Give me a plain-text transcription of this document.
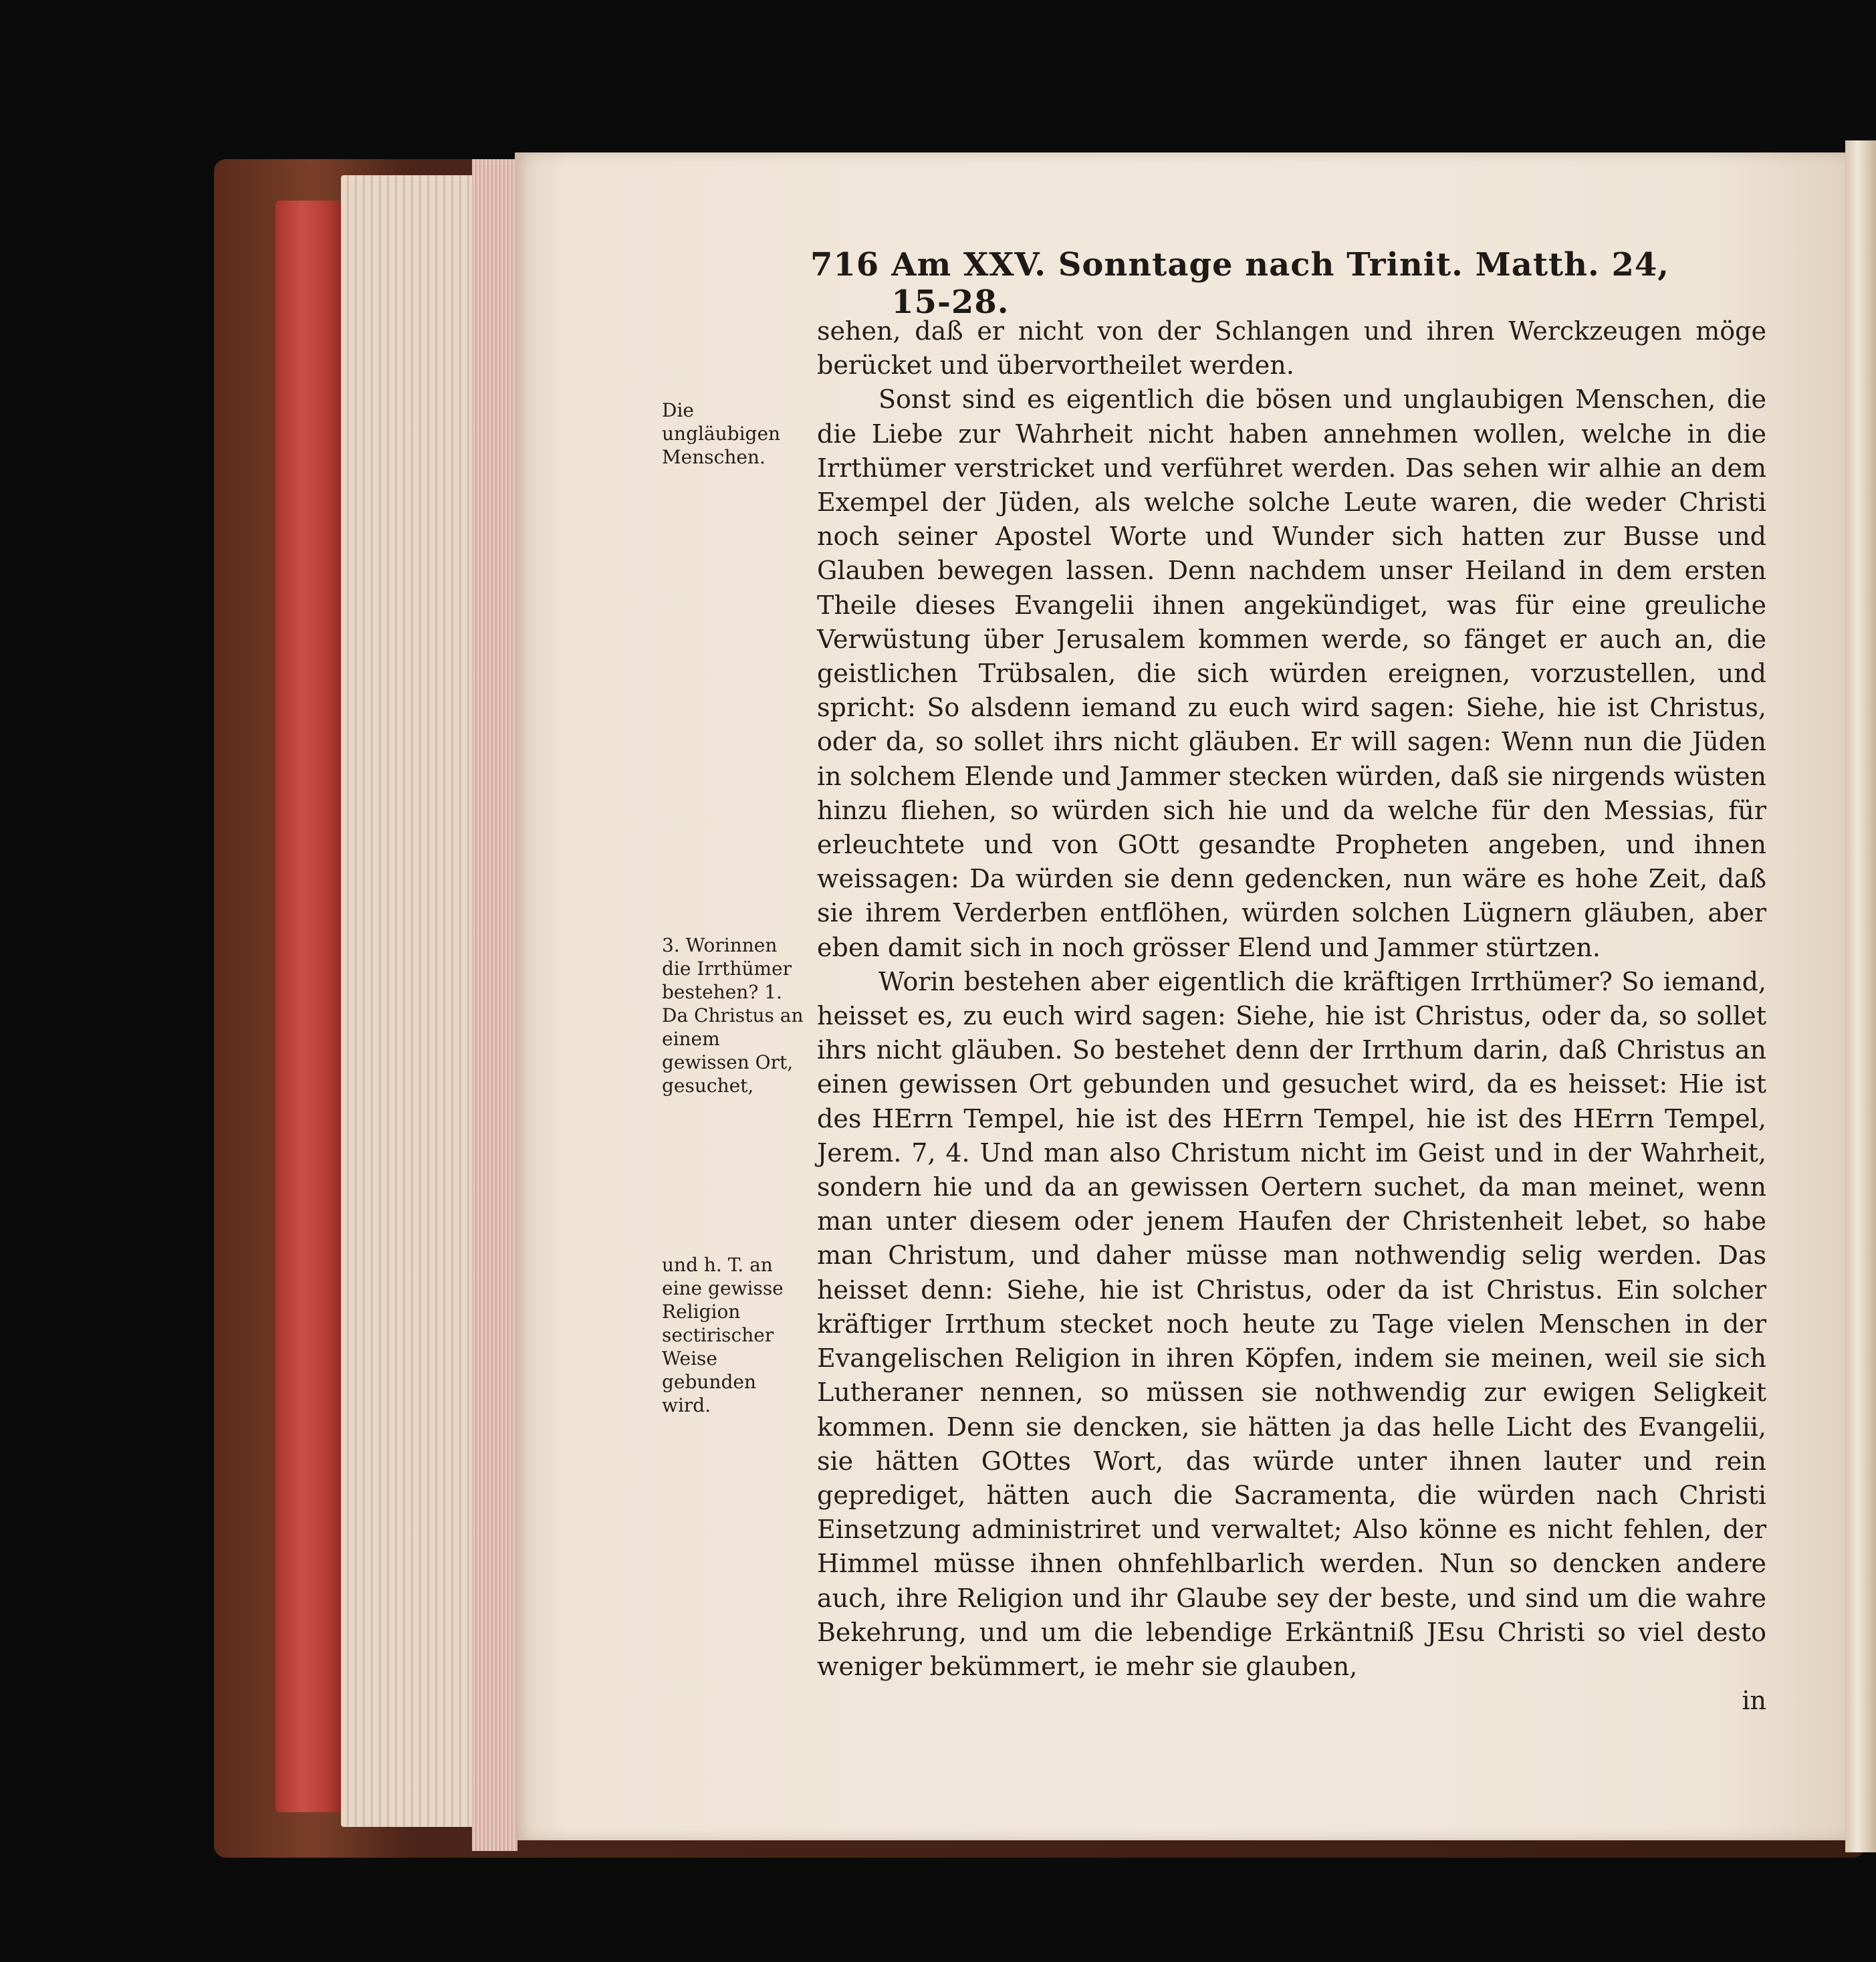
716 Am XXV. Sonntage nach Trinit. Matth. 24, 15-28.
Die ungläubigen Menschen.
3. Worinnen die Irrthümer bestehen? 1. Da Christus an einem gewissen Ort, gesuchet,
und h. T. an eine gewisse Religion sectirischer Weise gebunden wird.

sehen, daß er nicht von der Schlangen und ihren Werckzeugen möge berücket und übervortheilet werden.

Sonst sind es eigentlich die bösen und unglaubigen Menschen, die die Liebe zur Wahrheit nicht haben annehmen wollen, welche in die Irrthümer verstricket und verführet werden. Das sehen wir alhie an dem Exempel der Jüden, als welche solche Leute waren, die weder Christi noch seiner Apostel Worte und Wunder sich hatten zur Busse und Glauben bewegen lassen. Denn nachdem unser Heiland in dem ersten Theile dieses Evangelii ihnen angekündiget, was für eine greuliche Verwüstung über Jerusalem kommen werde, so fänget er auch an, die geistlichen Trübsalen, die sich würden ereignen, vorzustellen, und spricht: So alsdenn iemand zu euch wird sagen: Siehe, hie ist Christus, oder da, so sollet ihrs nicht gläuben. Er will sagen: Wenn nun die Jüden in solchem Elende und Jammer stecken würden, daß sie nirgends wüsten hinzu fliehen, so würden sich hie und da welche für den Messias, für erleuchtete und von GOtt gesandte Propheten angeben, und ihnen weissagen: Da würden sie denn gedencken, nun wäre es hohe Zeit, daß sie ihrem Verderben entflöhen, würden solchen Lügnern gläuben, aber eben damit sich in noch grösser Elend und Jammer stürtzen.

Worin bestehen aber eigentlich die kräftigen Irrthümer? So iemand, heisset es, zu euch wird sagen: Siehe, hie ist Christus, oder da, so sollet ihrs nicht gläuben. So bestehet denn der Irrthum darin, daß Christus an einen gewissen Ort gebunden und gesuchet wird, da es heisset: Hie ist des HErrn Tempel, hie ist des HErrn Tempel, hie ist des HErrn Tempel, Jerem. 7, 4. Und man also Christum nicht im Geist und in der Wahrheit, sondern hie und da an gewissen Oertern suchet, da man meinet, wenn man unter diesem oder jenem Haufen der Christenheit lebet, so habe man Christum, und daher müsse man nothwendig selig werden. Das heisset denn: Siehe, hie ist Christus, oder da ist Christus. Ein solcher kräftiger Irrthum stecket noch heute zu Tage vielen Menschen in der Evangelischen Religion in ihren Köpfen, indem sie meinen, weil sie sich Lutheraner nennen, so müssen sie nothwendig zur ewigen Seligkeit kommen. Denn sie dencken, sie hätten ja das helle Licht des Evangelii, sie hätten GOttes Wort, das würde unter ihnen lauter und rein geprediget, hätten auch die Sacramenta, die würden nach Christi Einsetzung administriret und verwaltet; Also könne es nicht fehlen, der Himmel müsse ihnen ohnfehlbarlich werden. Nun so dencken andere auch, ihre Religion und ihr Glaube sey der beste, und sind um die wahre Bekehrung, und um die lebendige Erkäntniß JEsu Christi so viel desto weniger bekümmert, ie mehr sie glauben,

in
